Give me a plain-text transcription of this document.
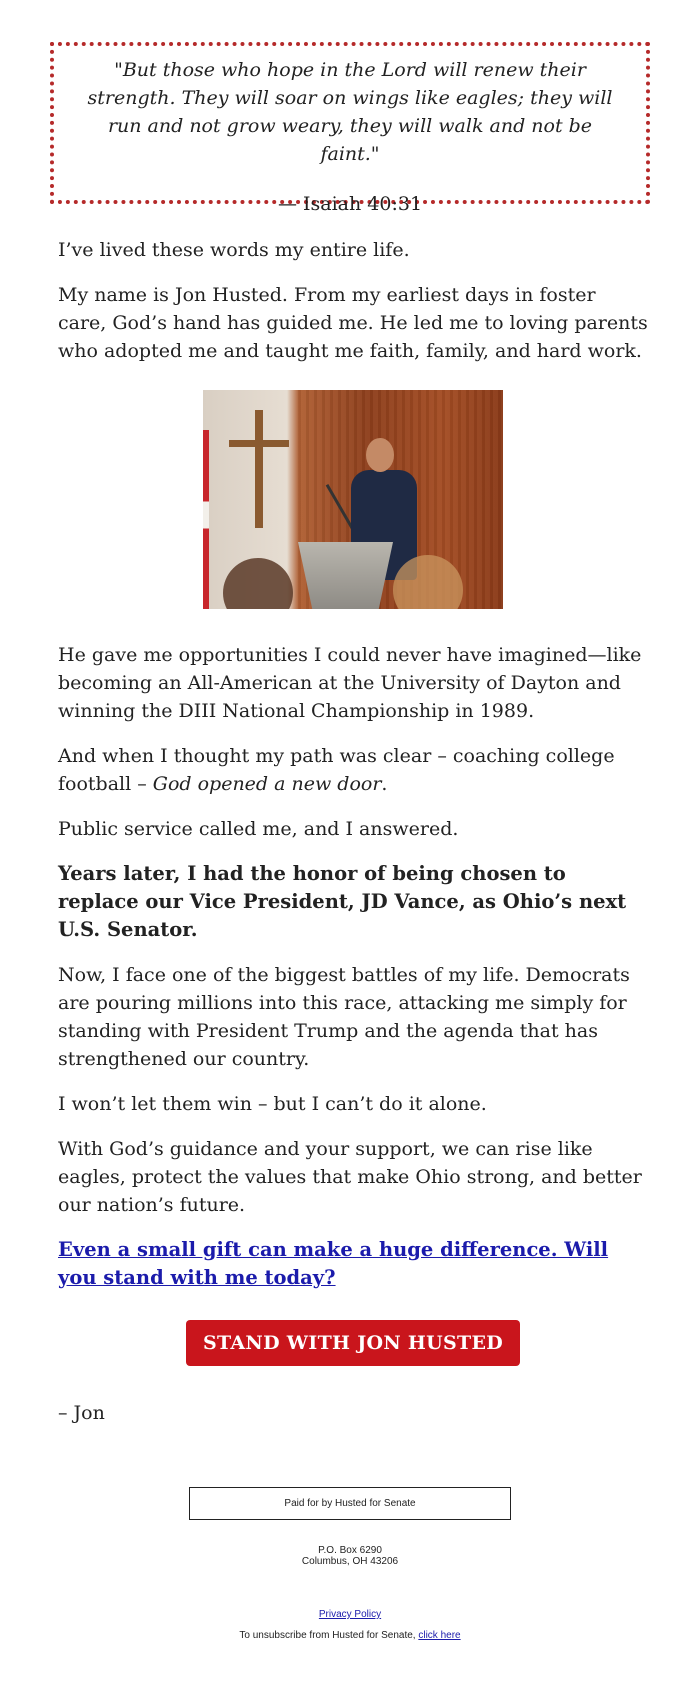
"But those who hope in the Lord will renew their strength. They will soar on wings like eagles; they will run and not grow weary, they will walk and not be faint."
— Isaiah 40:31

I’ve lived these words my entire life.

My name is Jon Husted. From my earliest days in foster care, God’s hand has guided me. He led me to loving parents who adopted me and taught me faith, family, and hard work.

He gave me opportunities I could never have imagined—like becoming an All-American at the University of Dayton and winning the DIII National Championship in 1989.

And when I thought my path was clear – coaching college football – God opened a new door.

Public service called me, and I answered.

Years later, I had the honor of being chosen to replace our Vice President, JD Vance, as Ohio’s next U.S. Senator.

Now, I face one of the biggest battles of my life. Democrats are pouring millions into this race, attacking me simply for standing with President Trump and the agenda that has strengthened our country.

I won’t let them win – but I can’t do it alone.

With God’s guidance and your support, we can rise like eagles, protect the values that make Ohio strong, and better our nation’s future.

Even a small gift can make a huge difference. Will you stand with me today?
STAND WITH JON HUSTED

– Jon

Paid for by Husted for Senate
P.O. Box 6290
Columbus, OH 43206
Privacy Policy
To unsubscribe from Husted for Senate, click here
